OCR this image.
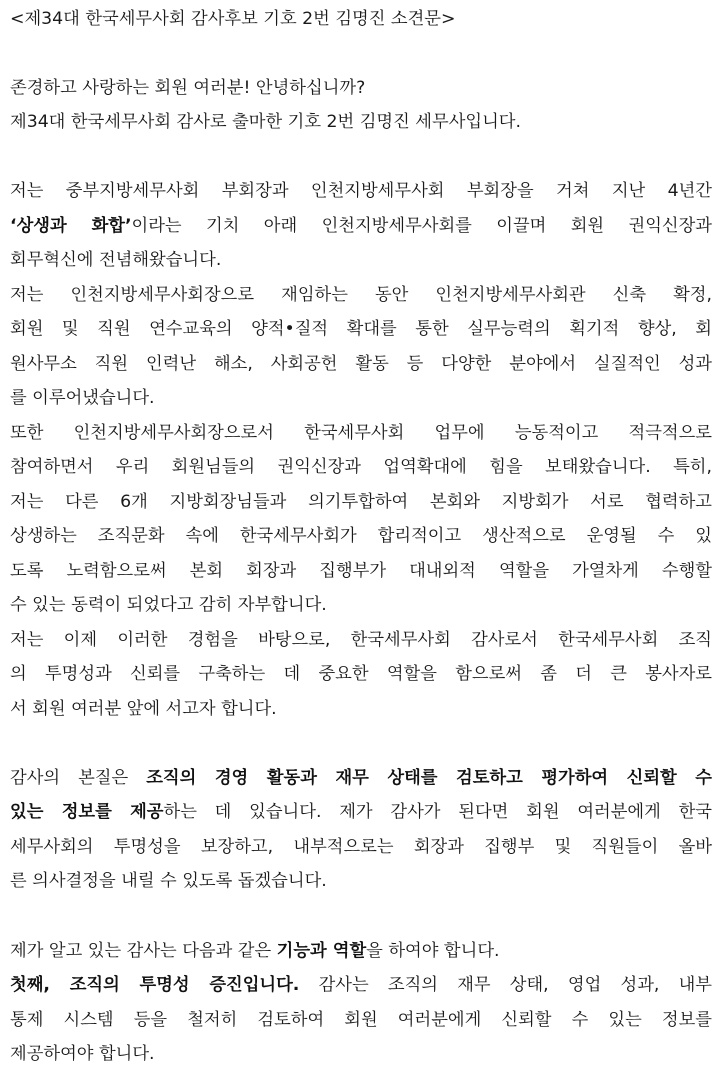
<제34대 한국세무사회 감사후보 기호 2번 김명진 소견문>
존경하고 사랑하는 회원 여러분! 안녕하십니까?
제34대 한국세무사회 감사로 출마한 기호 2번 김명진 세무사입니다.
저는 중부지방세무사회 부회장과 인천지방세무사회 부회장을 거쳐 지난 4년간
‘상생과 화합’이라는 기치 아래 인천지방세무사회를 이끌며 회원 권익신장과
회무혁신에 전념해왔습니다.
저는 인천지방세무사회장으로 재임하는 동안 인천지방세무사회관 신축 확정,
회원 및 직원 연수교육의 양적•질적 확대를 통한 실무능력의 획기적 향상, 회
원사무소 직원 인력난 해소, 사회공헌 활동 등 다양한 분야에서 실질적인 성과
를 이루어냈습니다.
또한 인천지방세무사회장으로서 한국세무사회 업무에 능동적이고 적극적으로
참여하면서 우리 회원님들의 권익신장과 업역확대에 힘을 보태왔습니다. 특히,
저는 다른 6개 지방회장님들과 의기투합하여 본회와 지방회가 서로 협력하고
상생하는 조직문화 속에 한국세무사회가 합리적이고 생산적으로 운영될 수 있
도록 노력함으로써 본회 회장과 집행부가 대내외적 역할을 가열차게 수행할
수 있는 동력이 되었다고 감히 자부합니다.
저는 이제 이러한 경험을 바탕으로, 한국세무사회 감사로서 한국세무사회 조직
의 투명성과 신뢰를 구축하는 데 중요한 역할을 함으로써 좀 더 큰 봉사자로
서 회원 여러분 앞에 서고자 합니다.
감사의 본질은 조직의 경영 활동과 재무 상태를 검토하고 평가하여 신뢰할 수
있는 정보를 제공하는 데 있습니다. 제가 감사가 된다면 회원 여러분에게 한국
세무사회의 투명성을 보장하고, 내부적으로는 회장과 집행부 및 직원들이 올바
른 의사결정을 내릴 수 있도록 돕겠습니다.
제가 알고 있는 감사는 다음과 같은 기능과 역할을 하여야 합니다.
첫째, 조직의 투명성 증진입니다. 감사는 조직의 재무 상태, 영업 성과, 내부
통제 시스템 등을 철저히 검토하여 회원 여러분에게 신뢰할 수 있는 정보를
제공하여야 합니다.
